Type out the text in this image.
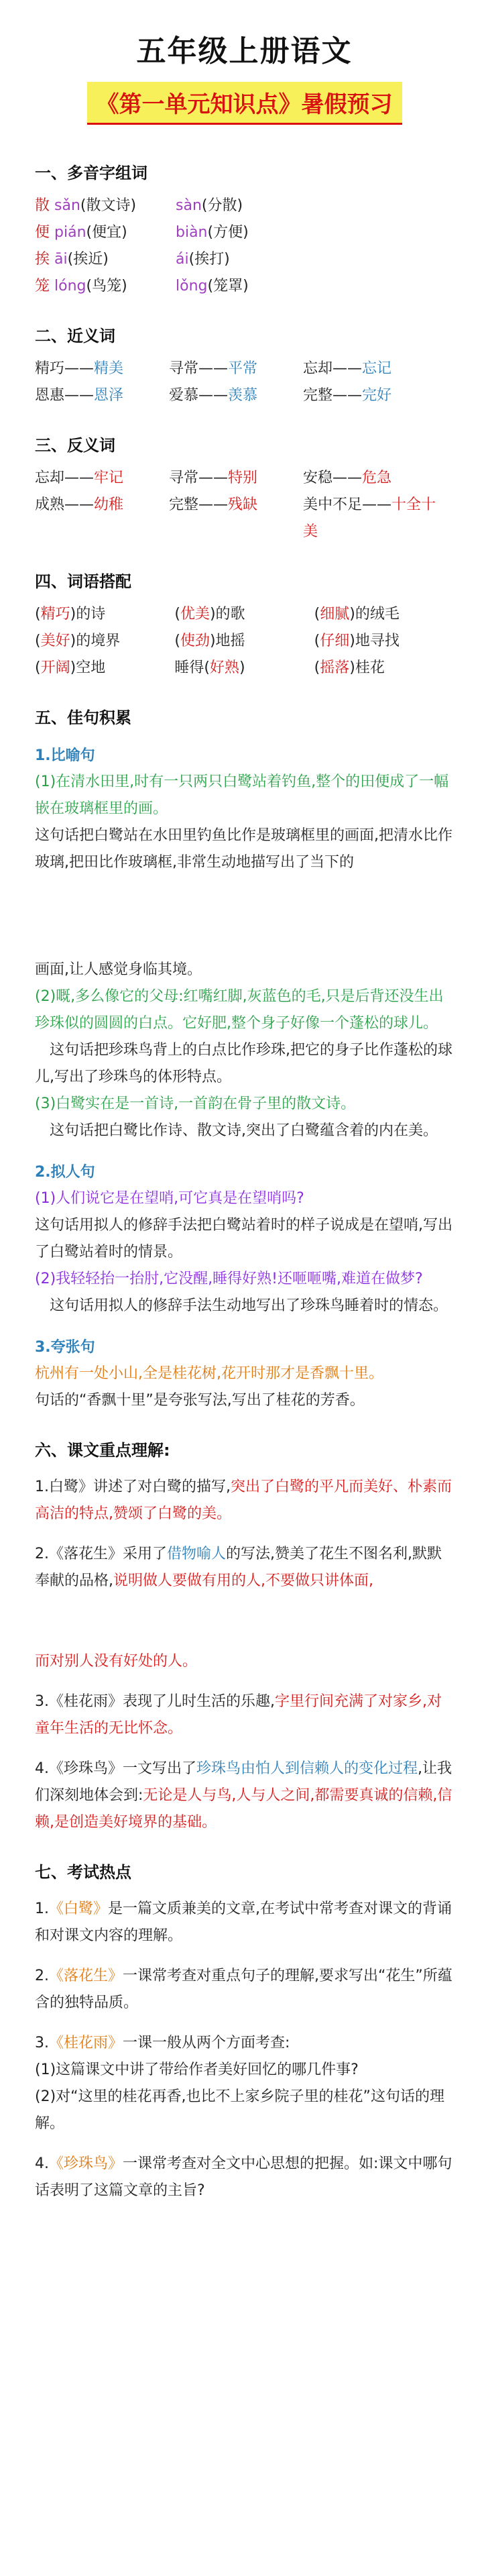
五年级上册语文
《第一单元知识点》暑假预习
一、多音字组词
散 sǎn(散文诗)	sàn(分散)
便 pián(便宜)	biàn(方便)
挨 āi(挨近)	ái(挨打)
笼 lóng(鸟笼)	lǒng(笼罩)
二、近义词
精巧——精美	寻常——平常	忘却——忘记
恩惠——恩泽	爱慕——羡慕	完整——完好
三、反义词
忘却——牢记	寻常——特别	安稳——危急
成熟——幼稚	完整——残缺	美中不足——十全十美
四、词语搭配
(精巧)的诗	(优美)的歌	(细腻)的绒毛
(美好)的境界	(使劲)地摇	(仔细)地寻找
(开阔)空地	睡得(好熟)	(摇落)桂花
五、佳句积累
1.比喻句

(1)在清水田里,时有一只两只白鹭站着钓鱼,整个的田便成了一幅嵌在玻璃框里的画。

这句话把白鹭站在水田里钓鱼比作是玻璃框里的画面,把清水比作玻璃,把田比作玻璃框,非常生动地描写出了当下的

画面,让人感觉身临其境。

(2)嘅,多么像它的父母:红嘴红脚,灰蓝色的毛,只是后背还没生出珍珠似的圆圆的白点。它好肥,整个身子好像一个蓬松的球儿。

这句话把珍珠鸟背上的白点比作珍珠,把它的身子比作蓬松的球儿,写出了珍珠鸟的体形特点。

(3)白鹭实在是一首诗,一首韵在骨子里的散文诗。

这句话把白鹭比作诗、散文诗,突出了白鹭蕴含着的内在美。

2.拟人句

(1)人们说它是在望哨,可它真是在望哨吗?

这句话用拟人的修辞手法把白鹭站着时的样子说成是在望哨,写出了白鹭站着时的情景。

(2)我轻轻抬一抬肘,它没醒,睡得好熟!还咂咂嘴,难道在做梦?

这句话用拟人的修辞手法生动地写出了珍珠鸟睡着时的情态。

3.夸张句

杭州有一处小山,全是桂花树,花开时那才是香飘十里。

句话的“香飘十里”是夸张写法,写出了桂花的芳香。

六、课文重点理解:

1.白鹭》讲述了对白鹭的描写,突出了白鹭的平凡而美好、朴素而高洁的特点,赞颂了白鹭的美。

2.《落花生》采用了借物喻人的写法,赞美了花生不图名利,默默奉献的品格,说明做人要做有用的人,不要做只讲体面,

而对别人没有好处的人。

3.《桂花雨》表现了儿时生活的乐趣,字里行间充满了对家乡,对童年生活的无比怀念。

4.《珍珠鸟》一文写出了珍珠鸟由怕人到信赖人的变化过程,让我们深刻地体会到:无论是人与鸟,人与人之间,都需要真诚的信赖,信赖,是创造美好境界的基础。

七、考试热点

1.《白鹭》是一篇文质兼美的文章,在考试中常考查对课文的背诵和对课文内容的理解。

2.《落花生》一课常考查对重点句子的理解,要求写出“花生”所蕴含的独特品质。

3.《桂花雨》一课一般从两个方面考查:

(1)这篇课文中讲了带给作者美好回忆的哪几件事?

(2)对“这里的桂花再香,也比不上家乡院子里的桂花”这句话的理解。

4.《珍珠鸟》一课常考查对全文中心思想的把握。如:课文中哪句话表明了这篇文章的主旨?
